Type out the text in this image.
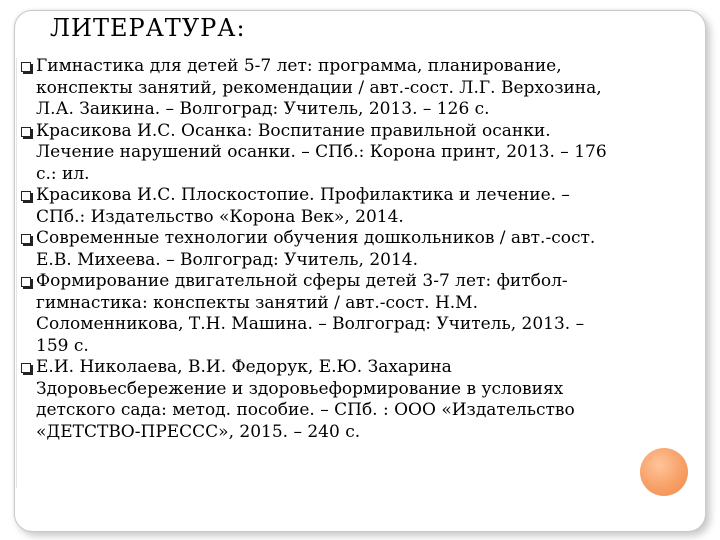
ЛИТЕРАТУРА:
Гимнастика для детей 5-7 лет: программа, планирование,
конспекты занятий, рекомендации / авт.-сост. Л.Г. Верхозина,
Л.А. Заикина. – Волгоград: Учитель, 2013. – 126 с.
Красикова И.С. Осанка: Воспитание правильной осанки.
Лечение нарушений осанки. – СПб.: Корона принт, 2013. – 176
с.: ил.
Красикова И.С. Плоскостопие. Профилактика и лечение. –
СПб.: Издательство «Корона Век», 2014.
Современные технологии обучения дошкольников / авт.-сост.
Е.В. Михеева. – Волгоград: Учитель, 2014.
Формирование двигательной сферы детей 3-7 лет: фитбол-
гимнастика: конспекты занятий / авт.-сост. Н.М.
Соломенникова, Т.Н. Машина. – Волгоград: Учитель, 2013. –
159 с.
Е.И. Николаева, В.И. Федорук, Е.Ю. Захарина
Здоровьесбережение и здоровьеформирование в условиях
детского сада: метод. пособие. – СПб. : ООО «Издательство
«ДЕТСТВО-ПРЕССС», 2015. – 240 с.
